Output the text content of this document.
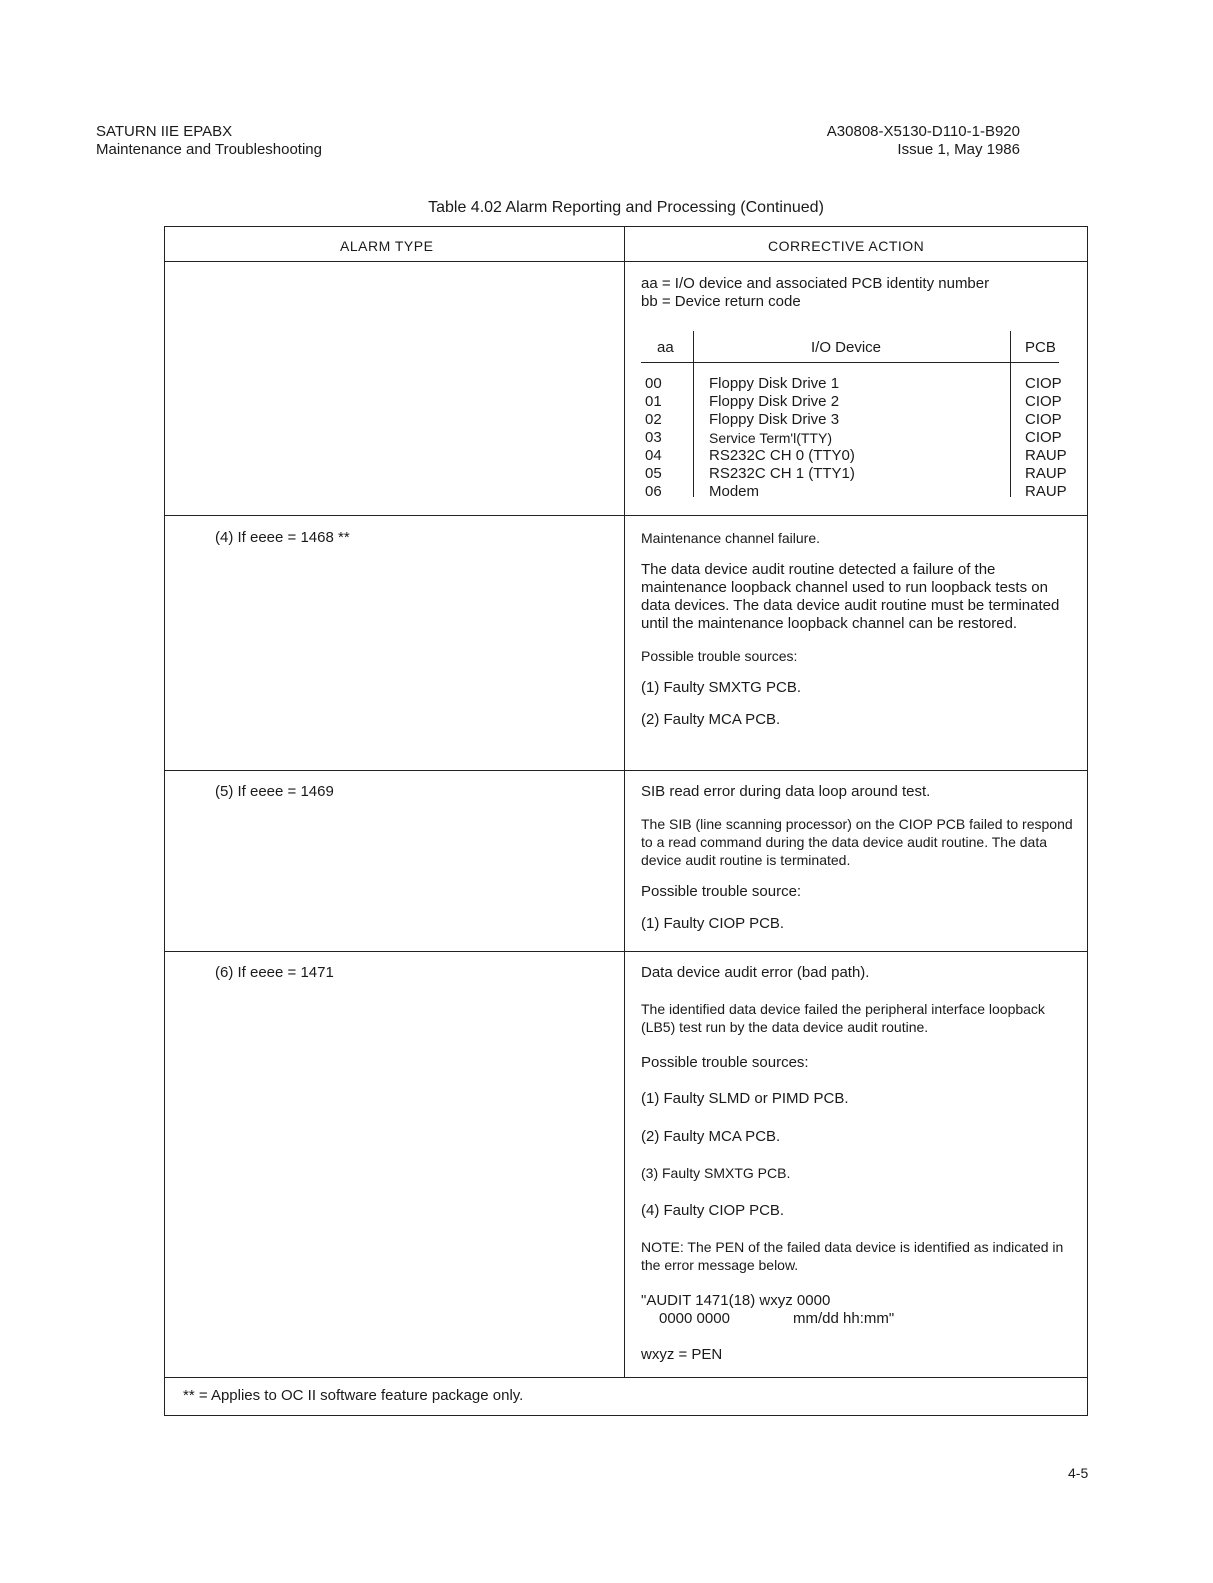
SATURN IIE EPABX
Maintenance and Troubleshooting
A30808-X5130-D110-1-B920
Issue 1, May 1986
Table 4.02 Alarm Reporting and Processing (Continued)
ALARM TYPE	CORRECTIVE ACTION
aa = I/O device and associated PCB identity number
bb = Device return code
aa	I/O Device	PCB
00	Floppy Disk Drive 1	CIOP
01	Floppy Disk Drive 2	CIOP
02	Floppy Disk Drive 3	CIOP
03	Service Term'l(TTY)	CIOP
04	RS232C CH 0 (TTY0)	RAUP
05	RS232C CH 1 (TTY1)	RAUP
06	Modem	RAUP
(4) If eeee = 1468 **	Maintenance channel failure.

The data device audit routine detected a failure of the maintenance loopback channel used to run loopback tests on data devices. The data device audit routine must be terminated until the maintenance loopback channel can be restored.

Possible trouble sources:

(1) Faulty SMXTG PCB.

(2) Faulty MCA PCB.

(5) If eeee = 1469	SIB read error during data loop around test.

The SIB (line scanning processor) on the CIOP PCB failed to respond to a read command during the data device audit routine. The data device audit routine is terminated.

Possible trouble source:

(1) Faulty CIOP PCB.

(6) If eeee = 1471	Data device audit error (bad path).

The identified data device failed the peripheral interface loopback (LB5) test run by the data device audit routine.

Possible trouble sources:

(1) Faulty SLMD or PIMD PCB.

(2) Faulty MCA PCB.

(3) Faulty SMXTG PCB.

(4) Faulty CIOP PCB.

NOTE: The PEN of the failed data device is identified as indicated in the error message below.

"AUDIT 1471(18) wxyz 0000
0000 0000	mm/dd hh:mm"
wxyz = PEN
** = Applies to OC II software feature package only.
4-5
